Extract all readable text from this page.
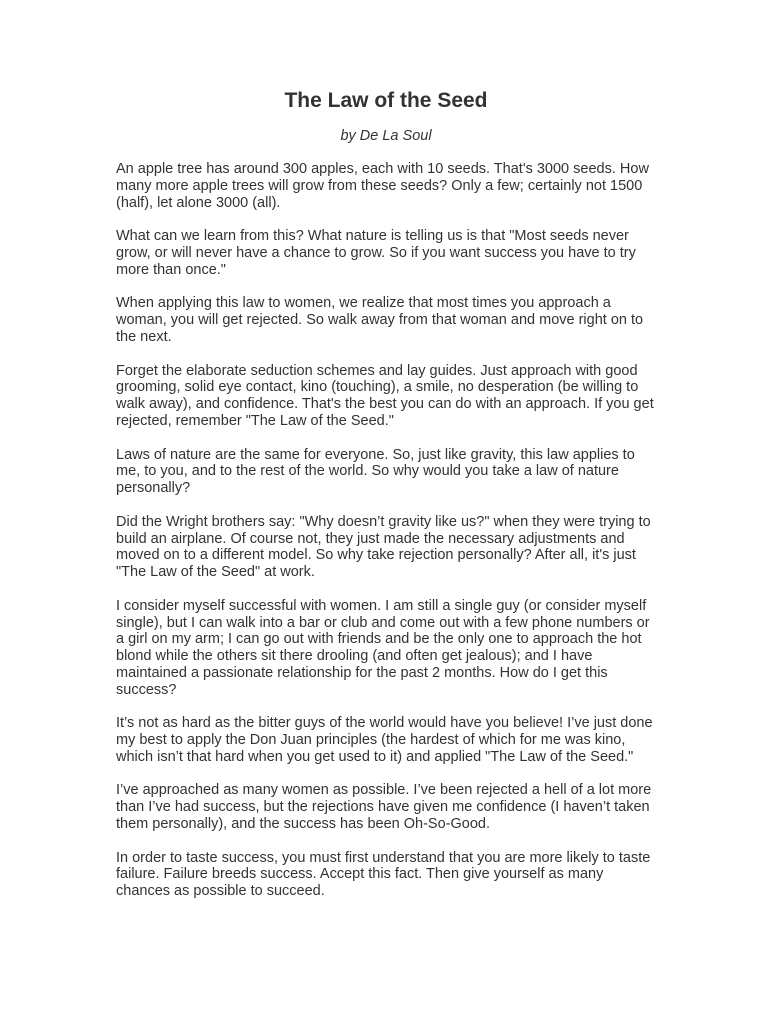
The Law of the Seed

by De La Soul

An apple tree has around 300 apples, each with 10 seeds. That's 3000 seeds. How many more apple trees will grow from these seeds? Only a few; certainly not 1500 (half), let alone 3000 (all).

What can we learn from this? What nature is telling us is that "Most seeds never grow, or will never have a chance to grow. So if you want success you have to try more than once."

When applying this law to women, we realize that most times you approach a woman, you will get rejected. So walk away from that woman and move right on to the next.

Forget the elaborate seduction schemes and lay guides. Just approach with good grooming, solid eye contact, kino (touching), a smile, no desperation (be willing to walk away), and confidence. That's the best you can do with an approach. If you get rejected, remember "The Law of the Seed."

Laws of nature are the same for everyone. So, just like gravity, this law applies to me, to you, and to the rest of the world. So why would you take a law of nature personally?

Did the Wright brothers say: "Why doesn’t gravity like us?" when they were trying to build an airplane. Of course not, they just made the necessary adjustments and moved on to a different model. So why take rejection personally? After all, it's just "The Law of the Seed" at work.

I consider myself successful with women. I am still a single guy (or consider myself single), but I can walk into a bar or club and come out with a few phone numbers or a girl on my arm; I can go out with friends and be the only one to approach the hot blond while the others sit there drooling (and often get jealous); and I have maintained a passionate relationship for the past 2 months. How do I get this success?

It’s not as hard as the bitter guys of the world would have you believe! I’ve just done my best to apply the Don Juan principles (the hardest of which for me was kino, which isn’t that hard when you get used to it) and applied "The Law of the Seed."

I’ve approached as many women as possible. I’ve been rejected a hell of a lot more than I’ve had success, but the rejections have given me confidence (I haven’t taken them personally), and the success has been Oh-So-Good.

In order to taste success, you must first understand that you are more likely to taste failure. Failure breeds success. Accept this fact. Then give yourself as many chances as possible to succeed.
